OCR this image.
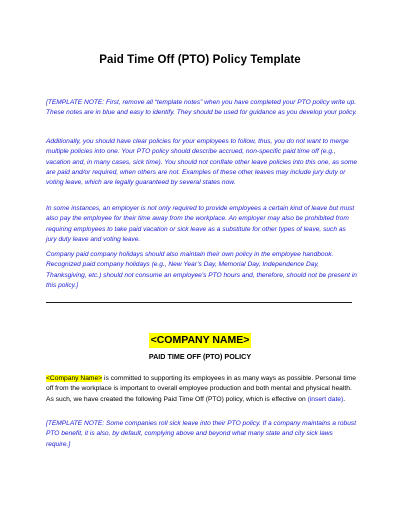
Paid Time Off (PTO) Policy Template
[TEMPLATE NOTE: First, remove all “template notes” when you have completed your PTO policy write up. These notes are in blue and easy to identify. They should be used for guidance as you develop your policy.
Additionally, you should have clear policies for your employees to follow, thus, you do not want to merge multiple policies into one. Your PTO policy should describe accrued, non-specific paid time off (e.g., vacation and, in many cases, sick time). You should not conflate other leave policies into this one, as some are paid and/or required, when others are not. Examples of these other leaves may include jury duty or voting leave, which are legally guaranteed by several states now.
In some instances, an employer is not only required to provide employees a certain kind of leave but must also pay the employee for their time away from the workplace. An employer may also be prohibited from requiring employees to take paid vacation or sick leave as a substitute for other types of leave, such as jury duty leave and voting leave.
Company paid company holidays should also maintain their own policy in the employee handbook. Recognized paid company holidays (e.g., New Year’s Day, Memorial Day, Independence Day, Thanksgiving, etc.) should not consume an employee’s PTO hours and, therefore, should not be present in this policy.]
<COMPANY NAME>
PAID TIME OFF (PTO) POLICY
<Company Name> is committed to supporting its employees in as many ways as possible. Personal time off from the workplace is important to overall employee production and both mental and physical health. As such, we have created the following Paid Time Off (PTO) policy, which is effective on (insert date).
[TEMPLATE NOTE: Some companies roll sick leave into their PTO policy. If a company maintains a robust PTO benefit, it is also, by default, complying above and beyond what many state and city sick laws require.]
